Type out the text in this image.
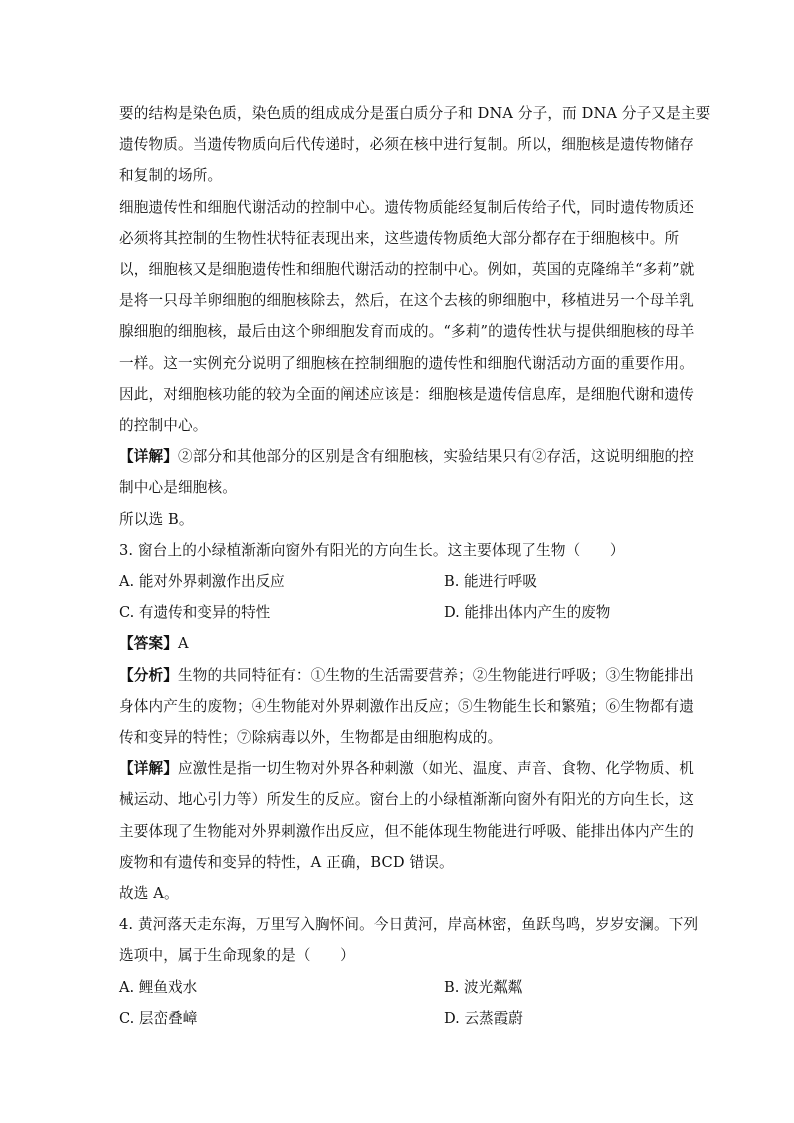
要的结构是染色质，染色质的组成成分是蛋白质分子和 DNA 分子，而 DNA 分子又是主要
遗传物质。当遗传物质向后代传递时，必须在核中进行复制。所以，细胞核是遗传物储存
和复制的场所。
细胞遗传性和细胞代谢活动的控制中心。遗传物质能经复制后传给子代，同时遗传物质还
必须将其控制的生物性状特征表现出来，这些遗传物质绝大部分都存在于细胞核中。所
以，细胞核又是细胞遗传性和细胞代谢活动的控制中心。例如，英国的克隆绵羊“多莉”就
是将一只母羊卵细胞的细胞核除去，然后，在这个去核的卵细胞中，移植进另一个母羊乳
腺细胞的细胞核，最后由这个卵细胞发育而成的。“多莉”的遗传性状与提供细胞核的母羊
一样。这一实例充分说明了细胞核在控制细胞的遗传性和细胞代谢活动方面的重要作用。
因此，对细胞核功能的较为全面的阐述应该是：细胞核是遗传信息库，是细胞代谢和遗传
的控制中心。

【详解】②部分和其他部分的区别是含有细胞核，实验结果只有②存活，这说明细胞的控
制中心是细胞核。
所以选 B。

3. 窗台上的小绿植渐渐向窗外有阳光的方向生长。这主要体现了生物（　　）

A. 能对外界刺激作出反应	B. 能进行呼吸
C. 有遗传和变异的特性	D. 能排出体内产生的废物

【答案】A

【分析】生物的共同特征有：①生物的生活需要营养；②生物能进行呼吸；③生物能排出
身体内产生的废物；④生物能对外界刺激作出反应；⑤生物能生长和繁殖；⑥生物都有遗
传和变异的特性；⑦除病毒以外，生物都是由细胞构成的。

【详解】应激性是指一切生物对外界各种刺激（如光、温度、声音、食物、化学物质、机
械运动、地心引力等）所发生的反应。窗台上的小绿植渐渐向窗外有阳光的方向生长，这
主要体现了生物能对外界刺激作出反应，但不能体现生物能进行呼吸、能排出体内产生的
废物和有遗传和变异的特性，A 正确，BCD 错误。
故选 A。

4. 黄河落天走东海，万里写入胸怀间。今日黄河，岸高林密，鱼跃鸟鸣，岁岁安澜。下列
选项中，属于生命现象的是（　　）

A. 鲤鱼戏水	B. 波光粼粼
C. 层峦叠嶂	D. 云蒸霞蔚
